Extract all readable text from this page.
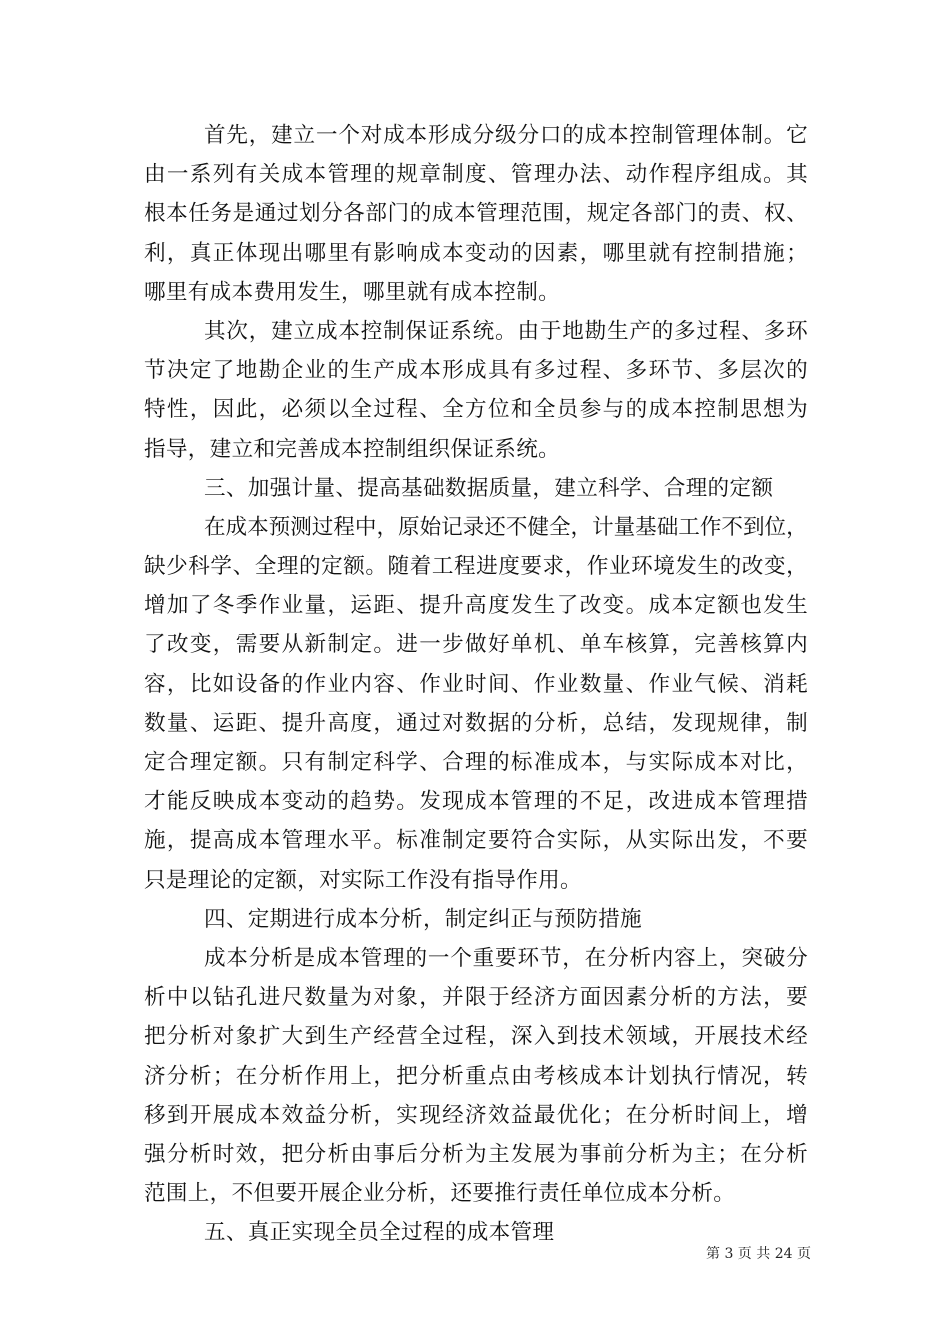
首先，建立一个对成本形成分级分口的成本控制管理体制。它
由一系列有关成本管理的规章制度、管理办法、动作程序组成。其
根本任务是通过划分各部门的成本管理范围，规定各部门的责、权、
利，真正体现出哪里有影响成本变动的因素，哪里就有控制措施；
哪里有成本费用发生，哪里就有成本控制。
其次，建立成本控制保证系统。由于地勘生产的多过程、多环
节决定了地勘企业的生产成本形成具有多过程、多环节、多层次的
特性，因此，必须以全过程、全方位和全员参与的成本控制思想为
指导，建立和完善成本控制组织保证系统。
三、加强计量、提高基础数据质量，建立科学、合理的定额
在成本预测过程中，原始记录还不健全，计量基础工作不到位，
缺少科学、全理的定额。随着工程进度要求，作业环境发生的改变，
增加了冬季作业量，运距、提升高度发生了改变。成本定额也发生
了改变，需要从新制定。进一步做好单机、单车核算，完善核算内
容，比如设备的作业内容、作业时间、作业数量、作业气候、消耗
数量、运距、提升高度，通过对数据的分析，总结，发现规律，制
定合理定额。只有制定科学、合理的标准成本，与实际成本对比，
才能反映成本变动的趋势。发现成本管理的不足，改进成本管理措
施，提高成本管理水平。标准制定要符合实际，从实际出发，不要
只是理论的定额，对实际工作没有指导作用。
四、定期进行成本分析，制定纠正与预防措施
成本分析是成本管理的一个重要环节，在分析内容上，突破分
析中以钻孔进尺数量为对象，并限于经济方面因素分析的方法，要
把分析对象扩大到生产经营全过程，深入到技术领域，开展技术经
济分析；在分析作用上，把分析重点由考核成本计划执行情况，转
移到开展成本效益分析，实现经济效益最优化；在分析时间上，增
强分析时效，把分析由事后分析为主发展为事前分析为主；在分析
范围上，不但要开展企业分析，还要推行责任单位成本分析。
五、真正实现全员全过程的成本管理
第 3 页 共 24 页
